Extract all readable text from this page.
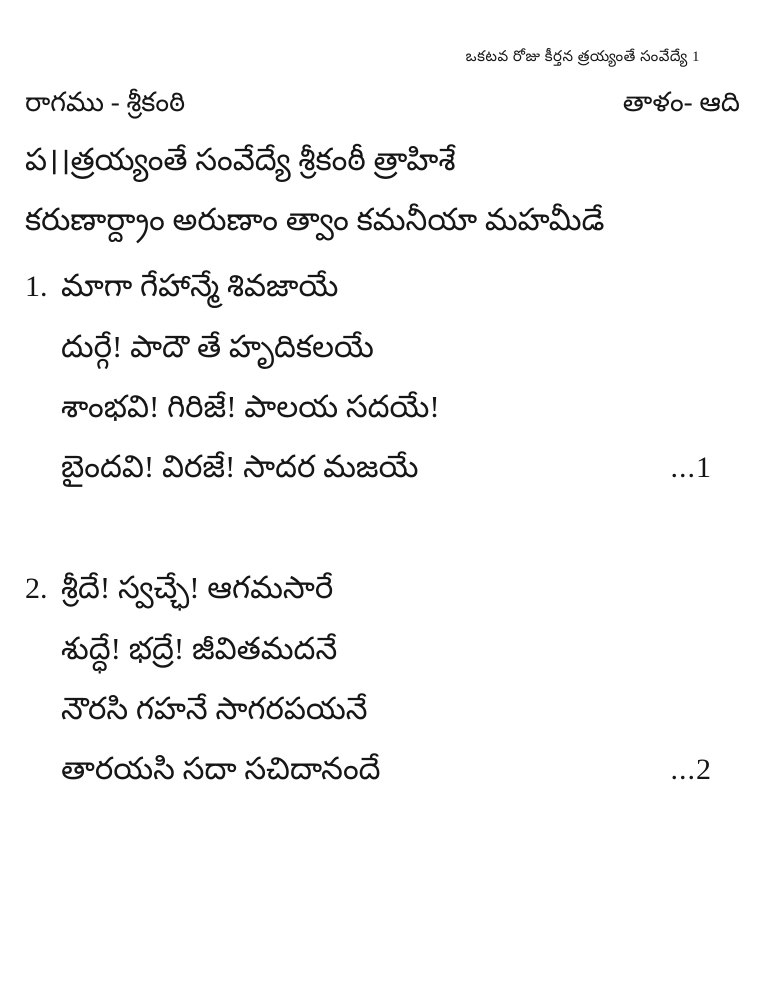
ఒకటవ రోజు కీర్తన త్రయ్యంతే సంవేద్యే 1
రాగము - శ్రీకంఠి	తాళం- ఆది
ప।।త్రయ్యంతే సంవేద్యే శ్రీకంఠీ త్రాహిశే
కరుణార్ద్రాం అరుణాం త్వాం కమనీయా మహమీడే
1. మాగా గేహాన్మే శివజాయే
దుర్గే! పాదౌ తే హృదికలయే
శాంభవి! గిరిజే! పాలయ సదయే!
బైందవి! విరజే! సాదర మజయే	...1
2. శ్రీదే! స్వచ్ఛే! ఆగమసారే
శుద్ధే! భద్రే! జీవితమదనే
నౌరసి గహనే సాగరపయనే
తారయసి సదా సచిదానందే	...2
